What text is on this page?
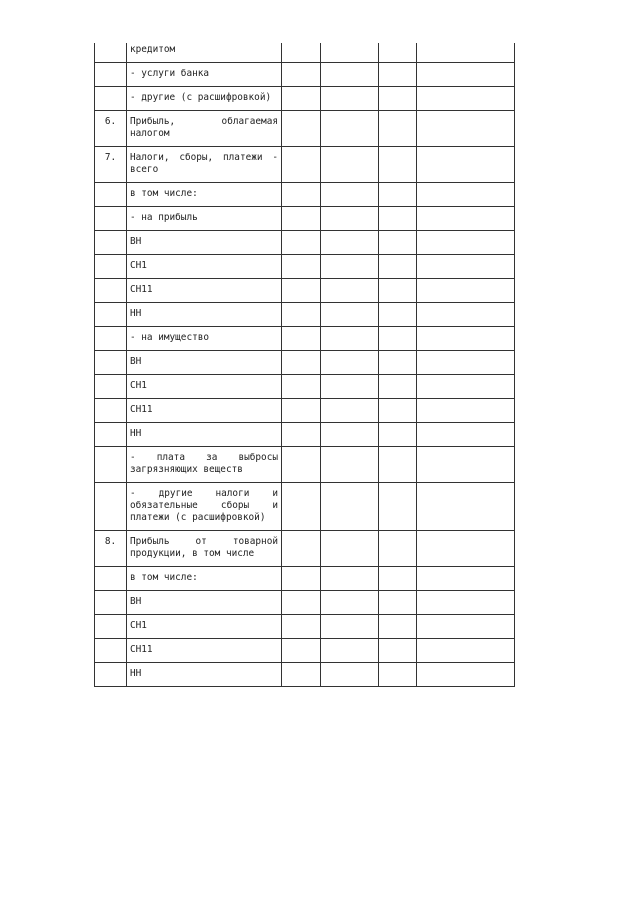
	кредитом				
	- услуги банка				
	- другие (с расшифровкой)				
6.	Прибыль, облагаемая налогом				
7.	Налоги, сборы, платежи - всего				
	в том числе:				
	- на прибыль				
	ВН				
	СН1				
	СН11				
	НН				
	- на имущество				
	ВН				
	СН1				
	СН11				
	НН				
	- плата за выбросы загрязняющих веществ				
	- другие налоги и обязательные сборы и платежи (с расшифровкой)				
8.	Прибыль от товарной продукции, в том числе				
	в том числе:				
	ВН				
	СН1				
	СН11				
	НН				
